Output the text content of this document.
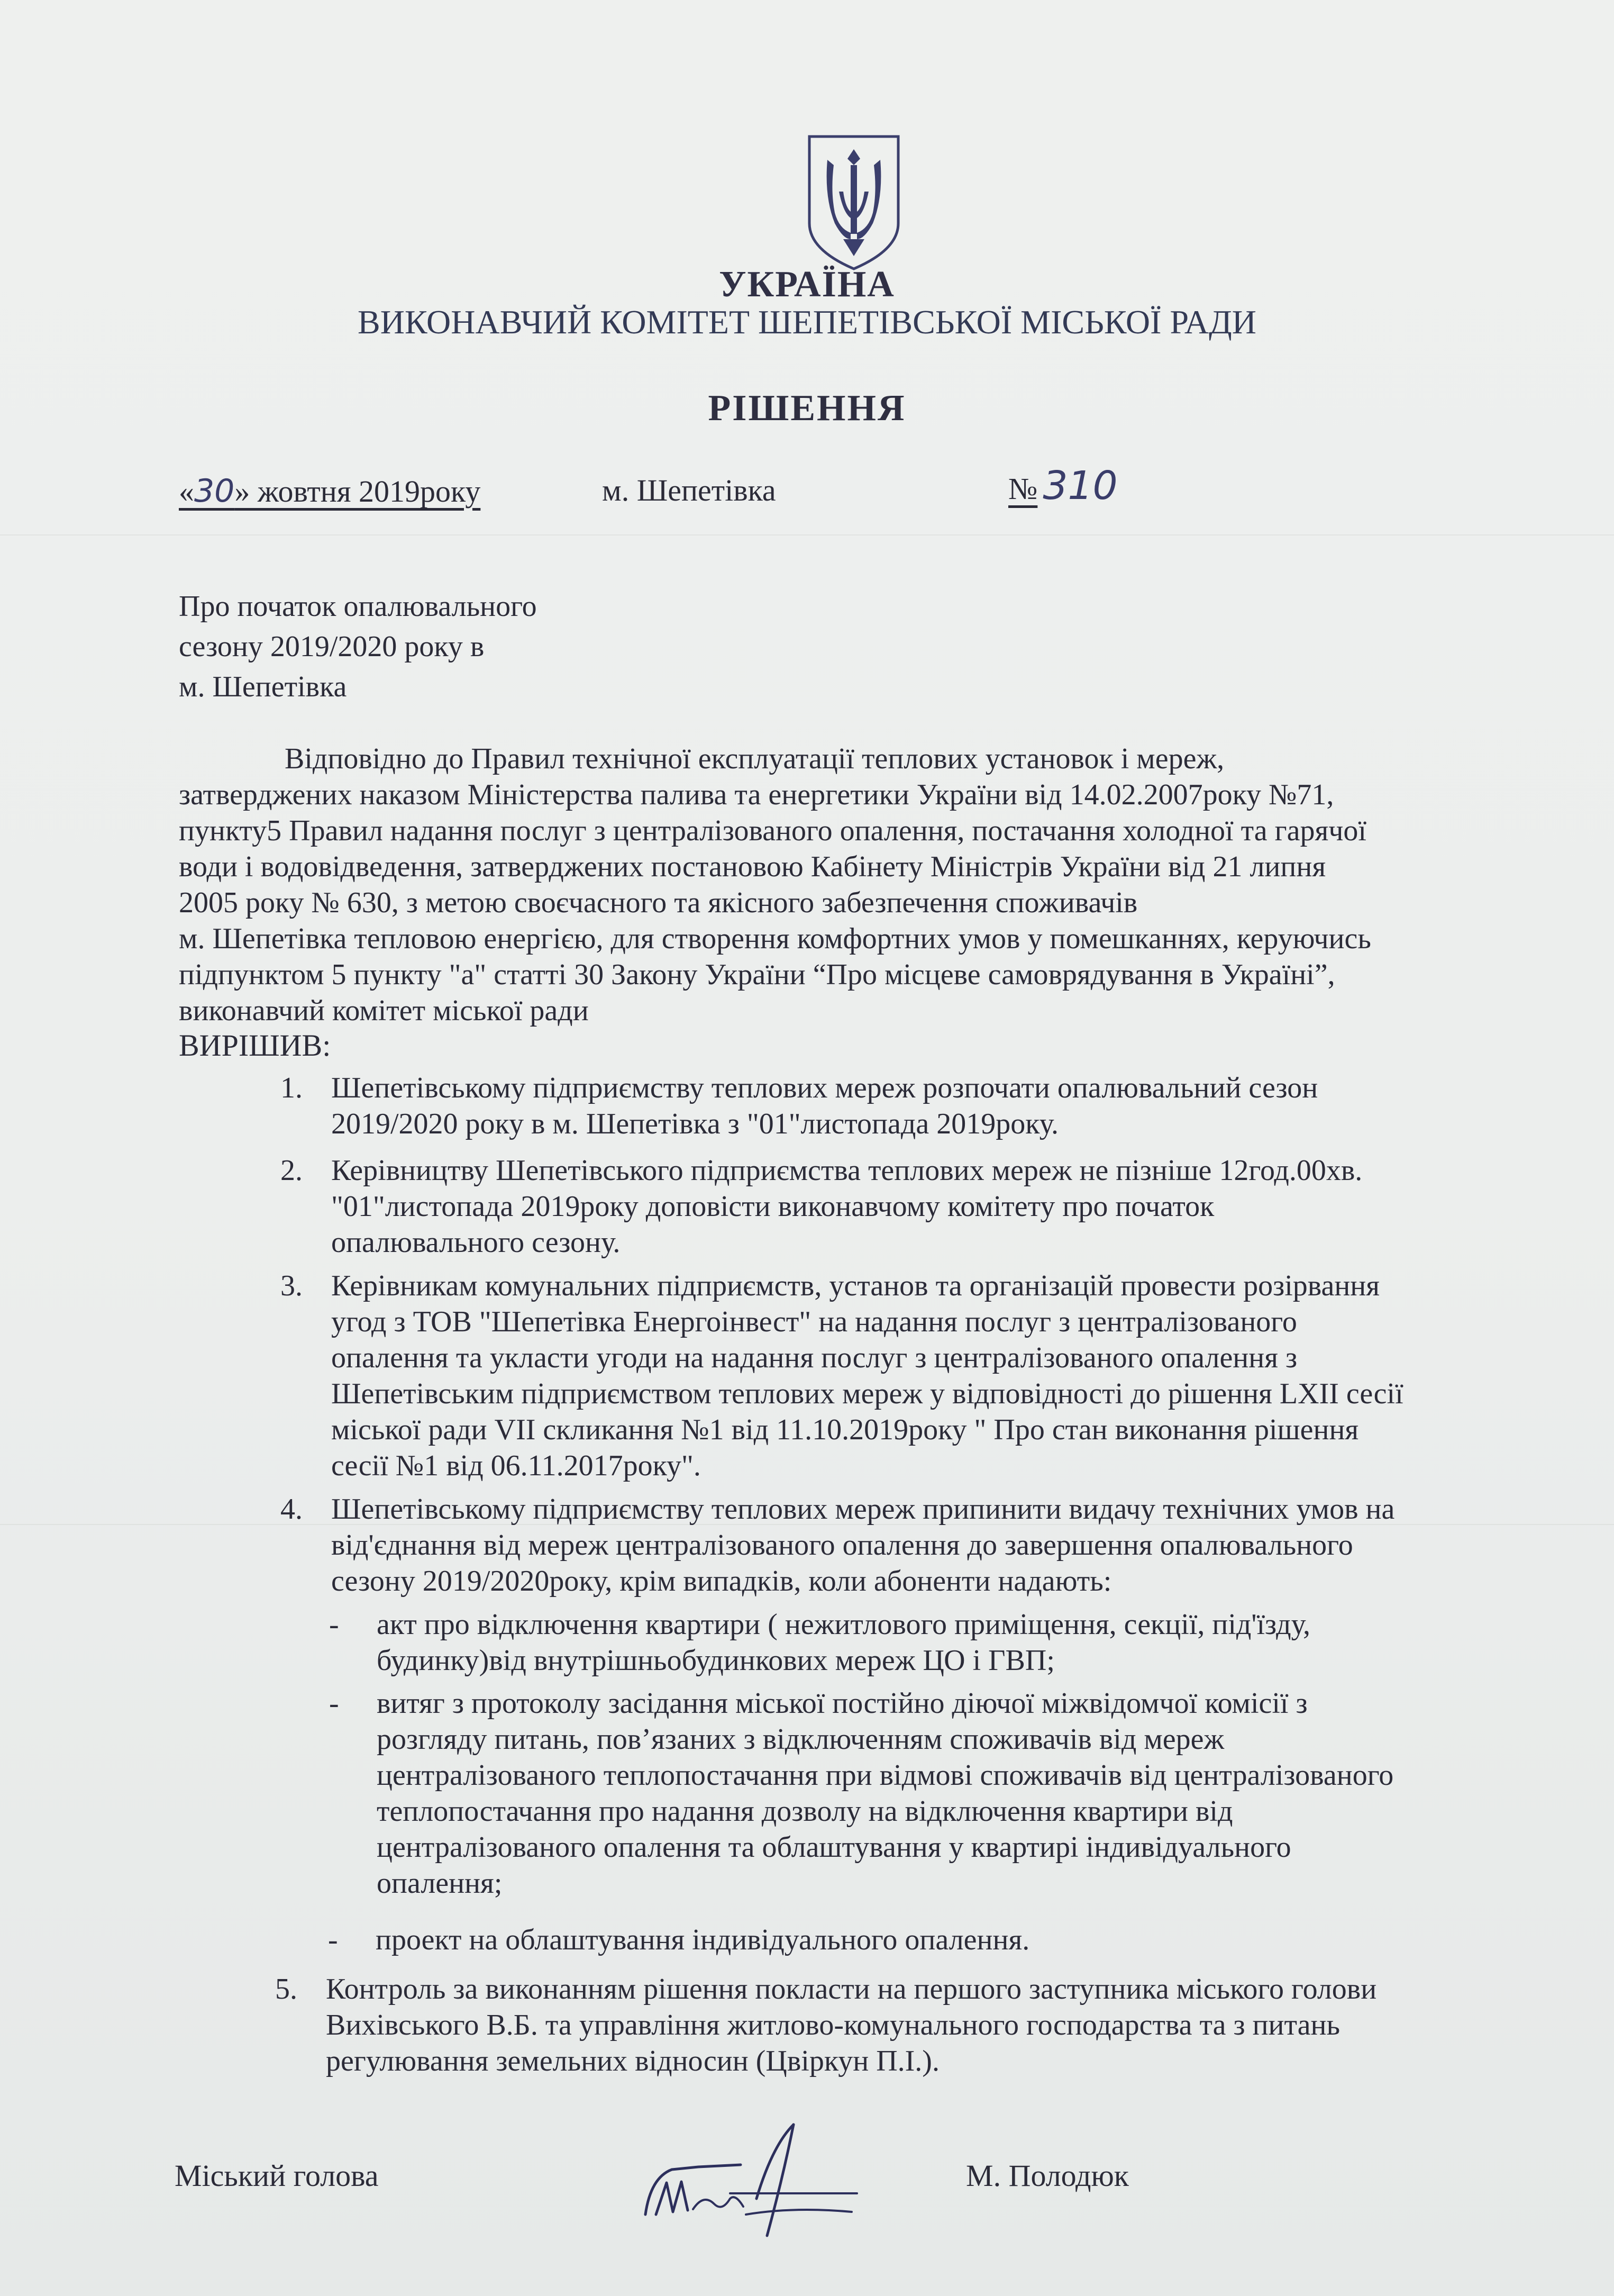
УКРАЇНА
ВИКОНАВЧИЙ КОМІТЕТ ШЕПЕТІВСЬКОЇ МІСЬКОЇ РАДИ
РІШЕННЯ
«30» жовтня 2019року	м. Шепетівка	№ 310
Про початок опалювального
сезону 2019/2020 року в
м. Шепетівка
Відповідно до Правил технічної експлуатації теплових установок і мереж,
затверджених наказом Міністерства палива та енергетики України від 14.02.2007року №71,
пункту5 Правил надання послуг з централізованого опалення, постачання холодної та гарячої
води і водовідведення, затверджених постановою Кабінету Міністрів України від 21 липня
2005 року № 630, з метою своєчасного та якісного забезпечення споживачів
м. Шепетівка тепловою енергією, для створення комфортних умов у помешканнях, керуючись
підпунктом 5 пункту "а" статті 30 Закону України “Про місцеве самоврядування в Україні”,
виконавчий комітет міської ради
ВИРІШИВ:
1. Шепетівському підприємству теплових мереж розпочати опалювальний сезон
2019/2020 року в м. Шепетівка з "01"листопада 2019року.
2. Керівництву Шепетівського підприємства теплових мереж не пізніше 12год.00хв.
"01"листопада 2019року доповісти виконавчому комітету про початок
опалювального сезону.
3. Керівникам комунальних підприємств, установ та організацій провести розірвання
угод з ТОВ "Шепетівка Енергоінвест" на надання послуг з централізованого
опалення та укласти угоди на надання послуг з централізованого опалення з
Шепетівським підприємством теплових мереж у відповідності до рішення LXII сесії
міської ради VII скликання №1 від 11.10.2019року " Про стан виконання рішення
сесії №1 від 06.11.2017року".
4. Шепетівському підприємству теплових мереж припинити видачу технічних умов на
від'єднання від мереж централізованого опалення до завершення опалювального
сезону 2019/2020року, крім випадків, коли абоненти надають:
- акт про відключення квартири ( нежитлового приміщення, секції, під'їзду,
будинку)від внутрішньобудинкових мереж ЦО і ГВП;
- витяг з протоколу засідання міської постійно діючої міжвідомчої комісії з
розгляду питань, пов’язаних з відключенням споживачів від мереж
централізованого теплопостачання при відмові споживачів від централізованого
теплопостачання про надання дозволу на відключення квартири від
централізованого опалення та облаштування у квартирі індивідуального
опалення;
- проект на облаштування індивідуального опалення.
5. Контроль за виконанням рішення покласти на першого заступника міського голови
Вихівського В.Б. та управління житлово-комунального господарства та з питань
регулювання земельних відносин (Цвіркун П.І.).
Міський голова	М. Полодюк
